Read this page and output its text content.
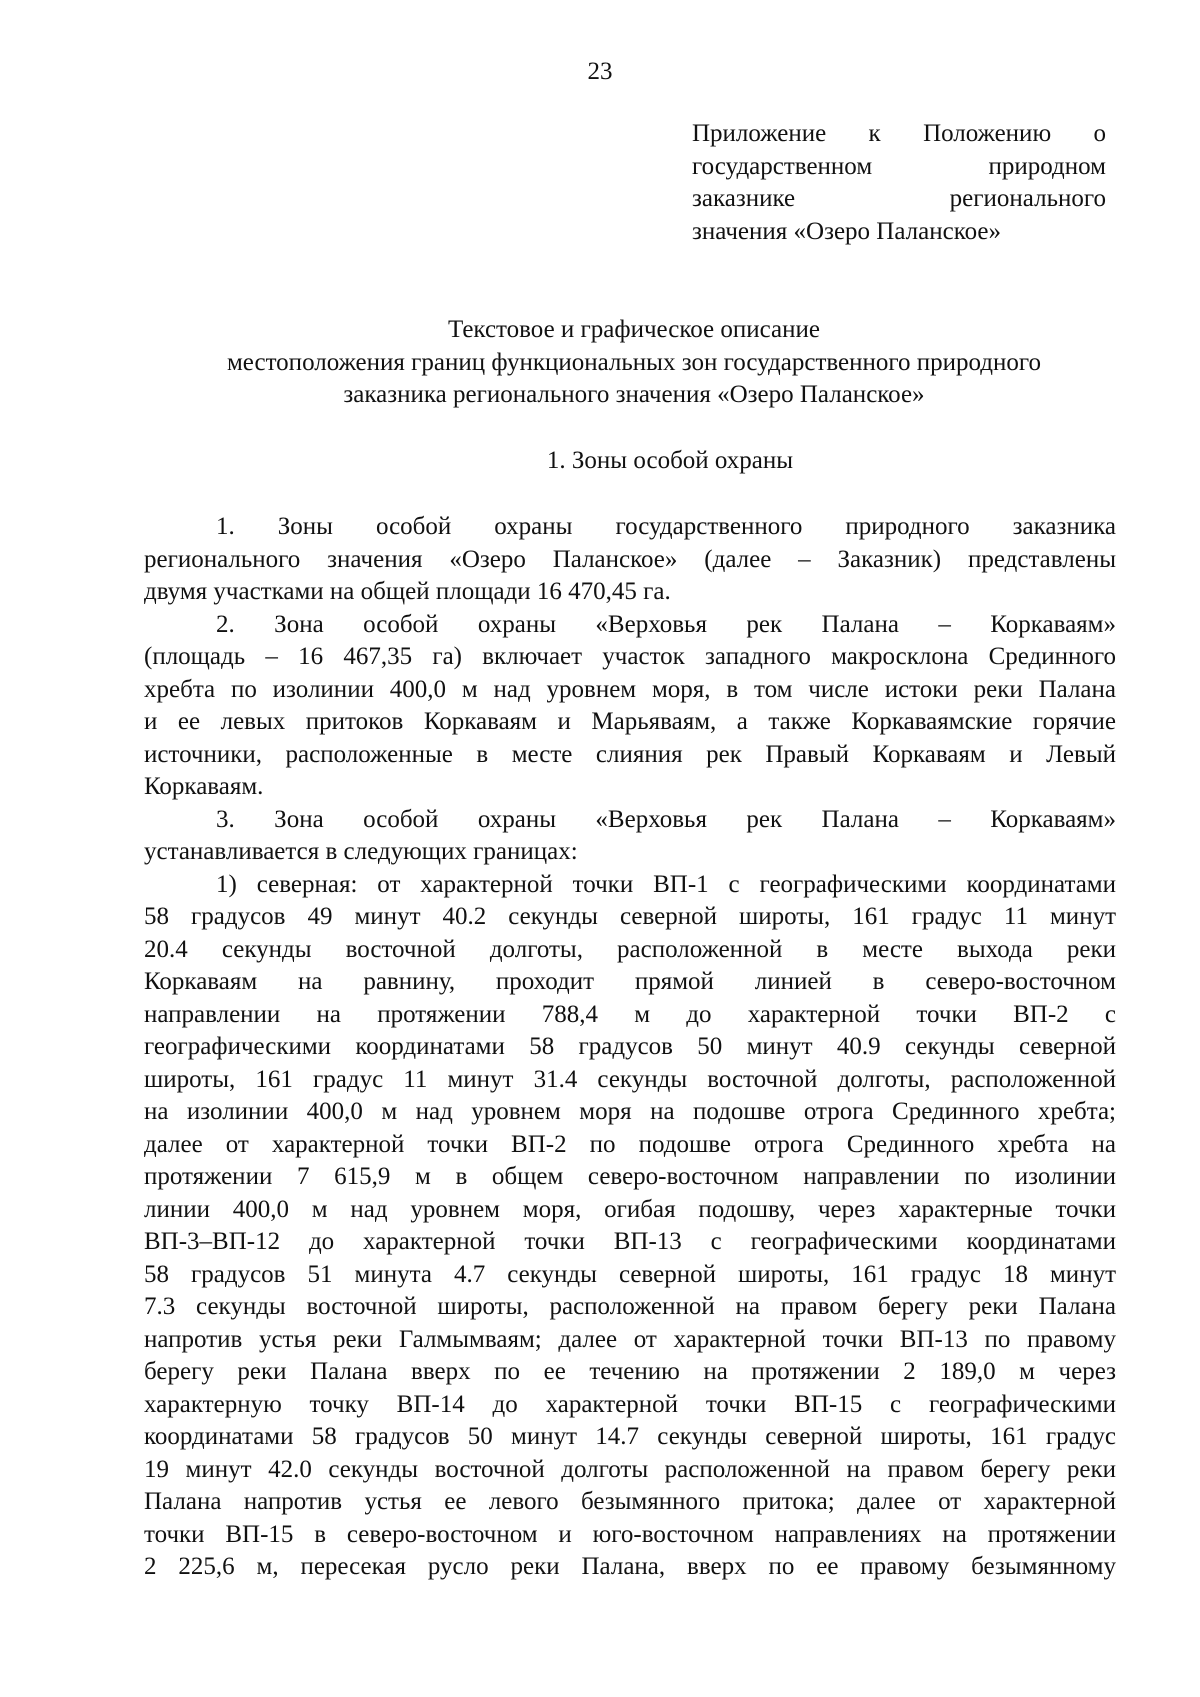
23
Приложение к Положению о
государственном природном
заказнике регионального
значения «Озеро Паланское»
Текстовое и графическое описание
местоположения границ функциональных зон государственного природного
заказника регионального значения «Озеро Паланское»
1. Зоны особой охраны
1. Зоны особой охраны государственного природного заказника
регионального значения «Озеро Паланское» (далее – Заказник) представлены
двумя участками на общей площади 16 470,45 га.
2. Зона особой охраны «Верховья рек Палана – Коркаваям»
(площадь – 16 467,35 га) включает участок западного макросклона Срединного
хребта по изолинии 400,0 м над уровнем моря, в том числе истоки реки Палана
и ее левых притоков Коркаваям и Марьяваям, а также Коркаваямские горячие
источники, расположенные в месте слияния рек Правый Коркаваям и Левый
Коркаваям.
3. Зона особой охраны «Верховья рек Палана – Коркаваям»
устанавливается в следующих границах:
1) северная: от характерной точки ВП-1 с географическими координатами
58 градусов 49 минут 40.2 секунды северной широты, 161 градус 11 минут
20.4 секунды восточной долготы, расположенной в месте выхода реки
Коркаваям на равнину, проходит прямой линией в северо-восточном
направлении на протяжении 788,4 м до характерной точки ВП-2 с
географическими координатами 58 градусов 50 минут 40.9 секунды северной
широты, 161 градус 11 минут 31.4 секунды восточной долготы, расположенной
на изолинии 400,0 м над уровнем моря на подошве отрога Срединного хребта;
далее от характерной точки ВП-2 по подошве отрога Срединного хребта на
протяжении 7 615,9 м в общем северо-восточном направлении по изолинии
линии 400,0 м над уровнем моря, огибая подошву, через характерные точки
ВП-3–ВП-12 до характерной точки ВП-13 с географическими координатами
58 градусов 51 минута 4.7 секунды северной широты, 161 градус 18 минут
7.3 секунды восточной широты, расположенной на правом берегу реки Палана
напротив устья реки Галмымваям; далее от характерной точки ВП-13 по правому
берегу реки Палана вверх по ее течению на протяжении 2 189,0 м через
характерную точку ВП-14 до характерной точки ВП-15 с географическими
координатами 58 градусов 50 минут 14.7 секунды северной широты, 161 градус
19 минут 42.0 секунды восточной долготы расположенной на правом берегу реки
Палана напротив устья ее левого безымянного притока; далее от характерной
точки ВП-15 в северо-восточном и юго-восточном направлениях на протяжении
2 225,6 м, пересекая русло реки Палана, вверх по ее правому безымянному
